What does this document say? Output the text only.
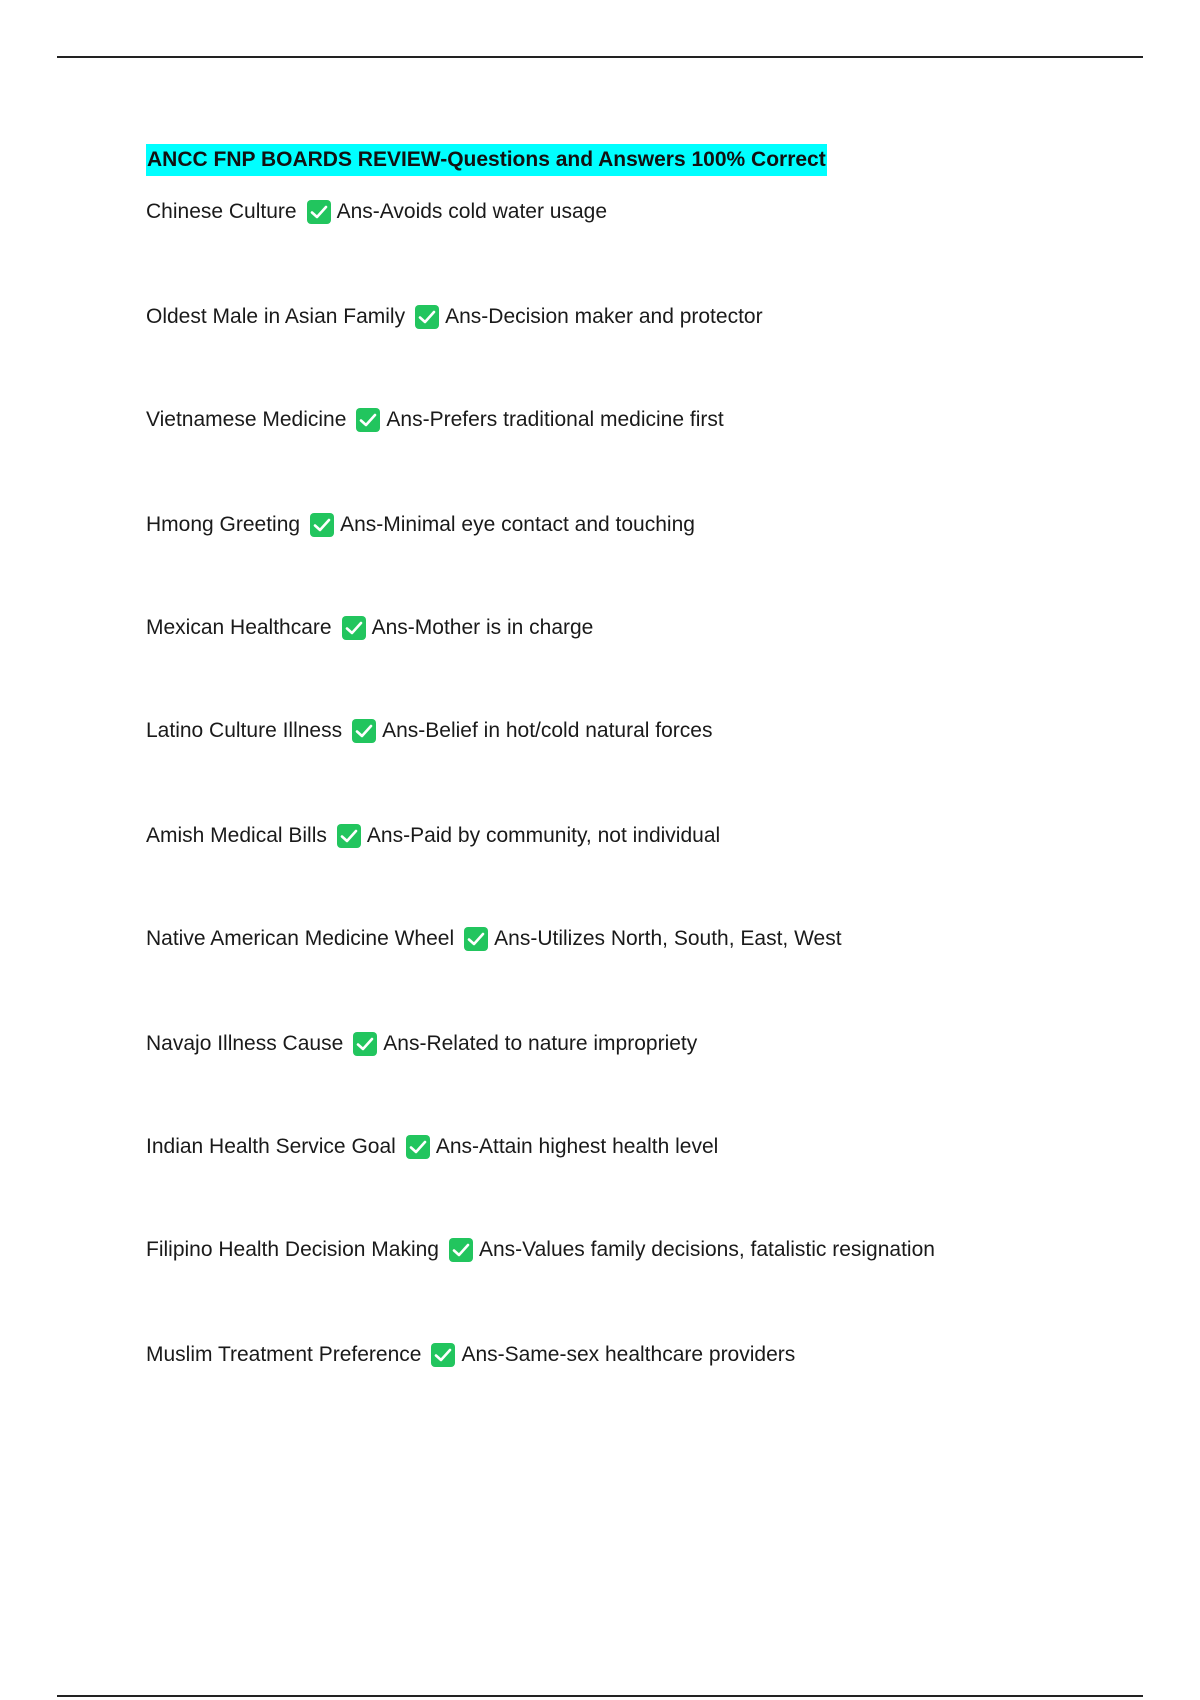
ANCC FNP BOARDS REVIEW-Questions and Answers 100% Correct
Chinese Culture Ans-Avoids cold water usage
Oldest Male in Asian Family Ans-Decision maker and protector
Vietnamese Medicine Ans-Prefers traditional medicine first
Hmong Greeting Ans-Minimal eye contact and touching
Mexican Healthcare Ans-Mother is in charge
Latino Culture Illness Ans-Belief in hot/cold natural forces
Amish Medical Bills Ans-Paid by community, not individual
Native American Medicine Wheel Ans-Utilizes North, South, East, West
Navajo Illness Cause Ans-Related to nature impropriety
Indian Health Service Goal Ans-Attain highest health level
Filipino Health Decision Making Ans-Values family decisions, fatalistic resignation
Muslim Treatment Preference Ans-Same-sex healthcare providers
